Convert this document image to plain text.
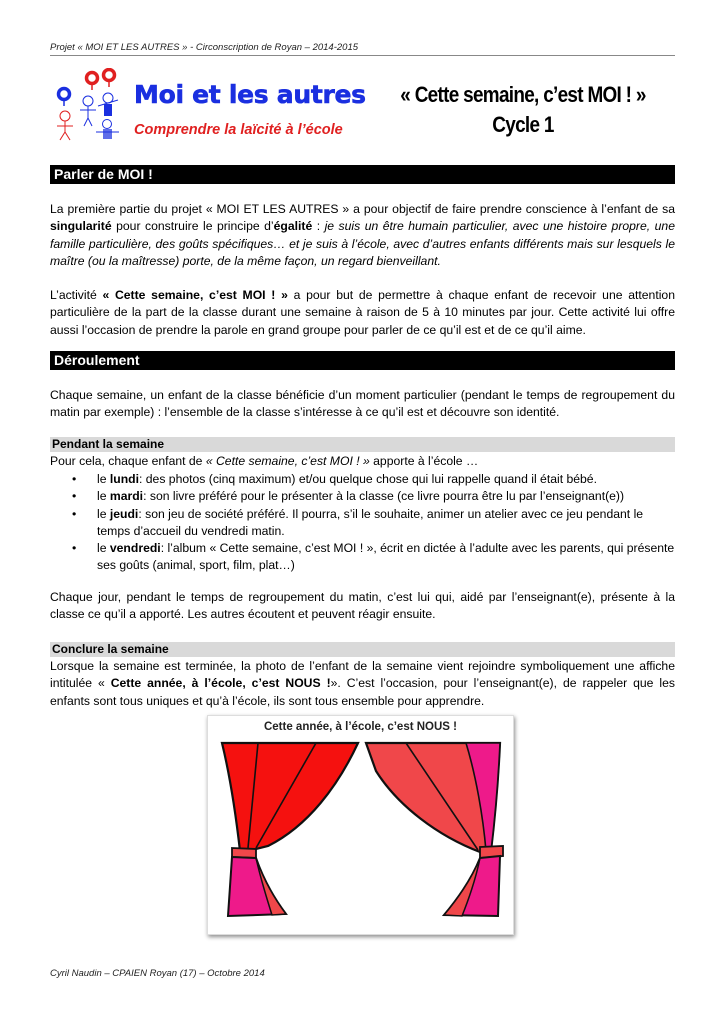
Projet « MOI ET LES AUTRES » - Circonscription de Royan – 2014-2015
Moi et les autres
Comprendre la laïcité à l’école
« Cette semaine, c’est MOI ! »
Cycle 1
Parler de MOI !
La première partie du projet « MOI ET LES AUTRES » a pour objectif de faire prendre conscience à l’enfant de sa singularité pour construire le principe d’égalité : je suis un être humain particulier, avec une histoire propre, une famille particulière, des goûts spécifiques… et je suis à l’école, avec d’autres enfants différents mais sur lesquels le maître (ou la maîtresse) porte, de la même façon, un regard bienveillant.
L’activité « Cette semaine, c’est MOI ! » a pour but de permettre à chaque enfant de recevoir une attention particulière de la part de la classe durant une semaine à raison de 5 à 10 minutes par jour. Cette activité lui offre aussi l’occasion de prendre la parole en grand groupe pour parler de ce qu’il est et de ce qu’il aime.
Déroulement
Chaque semaine, un enfant de la classe bénéficie d’un moment particulier (pendant le temps de regroupement du matin par exemple) : l’ensemble de la classe s’intéresse à ce qu’il est et découvre son identité.
Pendant la semaine
Pour cela, chaque enfant de « Cette semaine, c’est MOI ! » apporte à l’école …
• le lundi: des photos (cinq maximum) et/ou quelque chose qui lui rappelle quand il était bébé.
• le mardi: son livre préféré pour le présenter à la classe (ce livre pourra être lu par l’enseignant(e))
• le jeudi: son jeu de société préféré. Il pourra, s’il le souhaite, animer un atelier avec ce jeu pendant le temps d’accueil du vendredi matin.
• le vendredi: l’album « Cette semaine, c’est MOI ! », écrit en dictée à l’adulte avec les parents, qui présente ses goûts (animal, sport, film, plat…)
Chaque jour, pendant le temps de regroupement du matin, c’est lui qui, aidé par l’enseignant(e), présente à la classe ce qu’il a apporté. Les autres écoutent et peuvent réagir ensuite.
Conclure la semaine
Lorsque la semaine est terminée, la photo de l’enfant de la semaine vient rejoindre symboliquement une affiche intitulée « Cette année, à l’école, c’est NOUS !». C’est l’occasion, pour l’enseignant(e), de rappeler que les enfants sont tous uniques et qu’à l’école, ils sont tous ensemble pour apprendre.
Cette année, à l’école, c’est NOUS !
Cyril Naudin – CPAIEN Royan (17) – Octobre 2014
